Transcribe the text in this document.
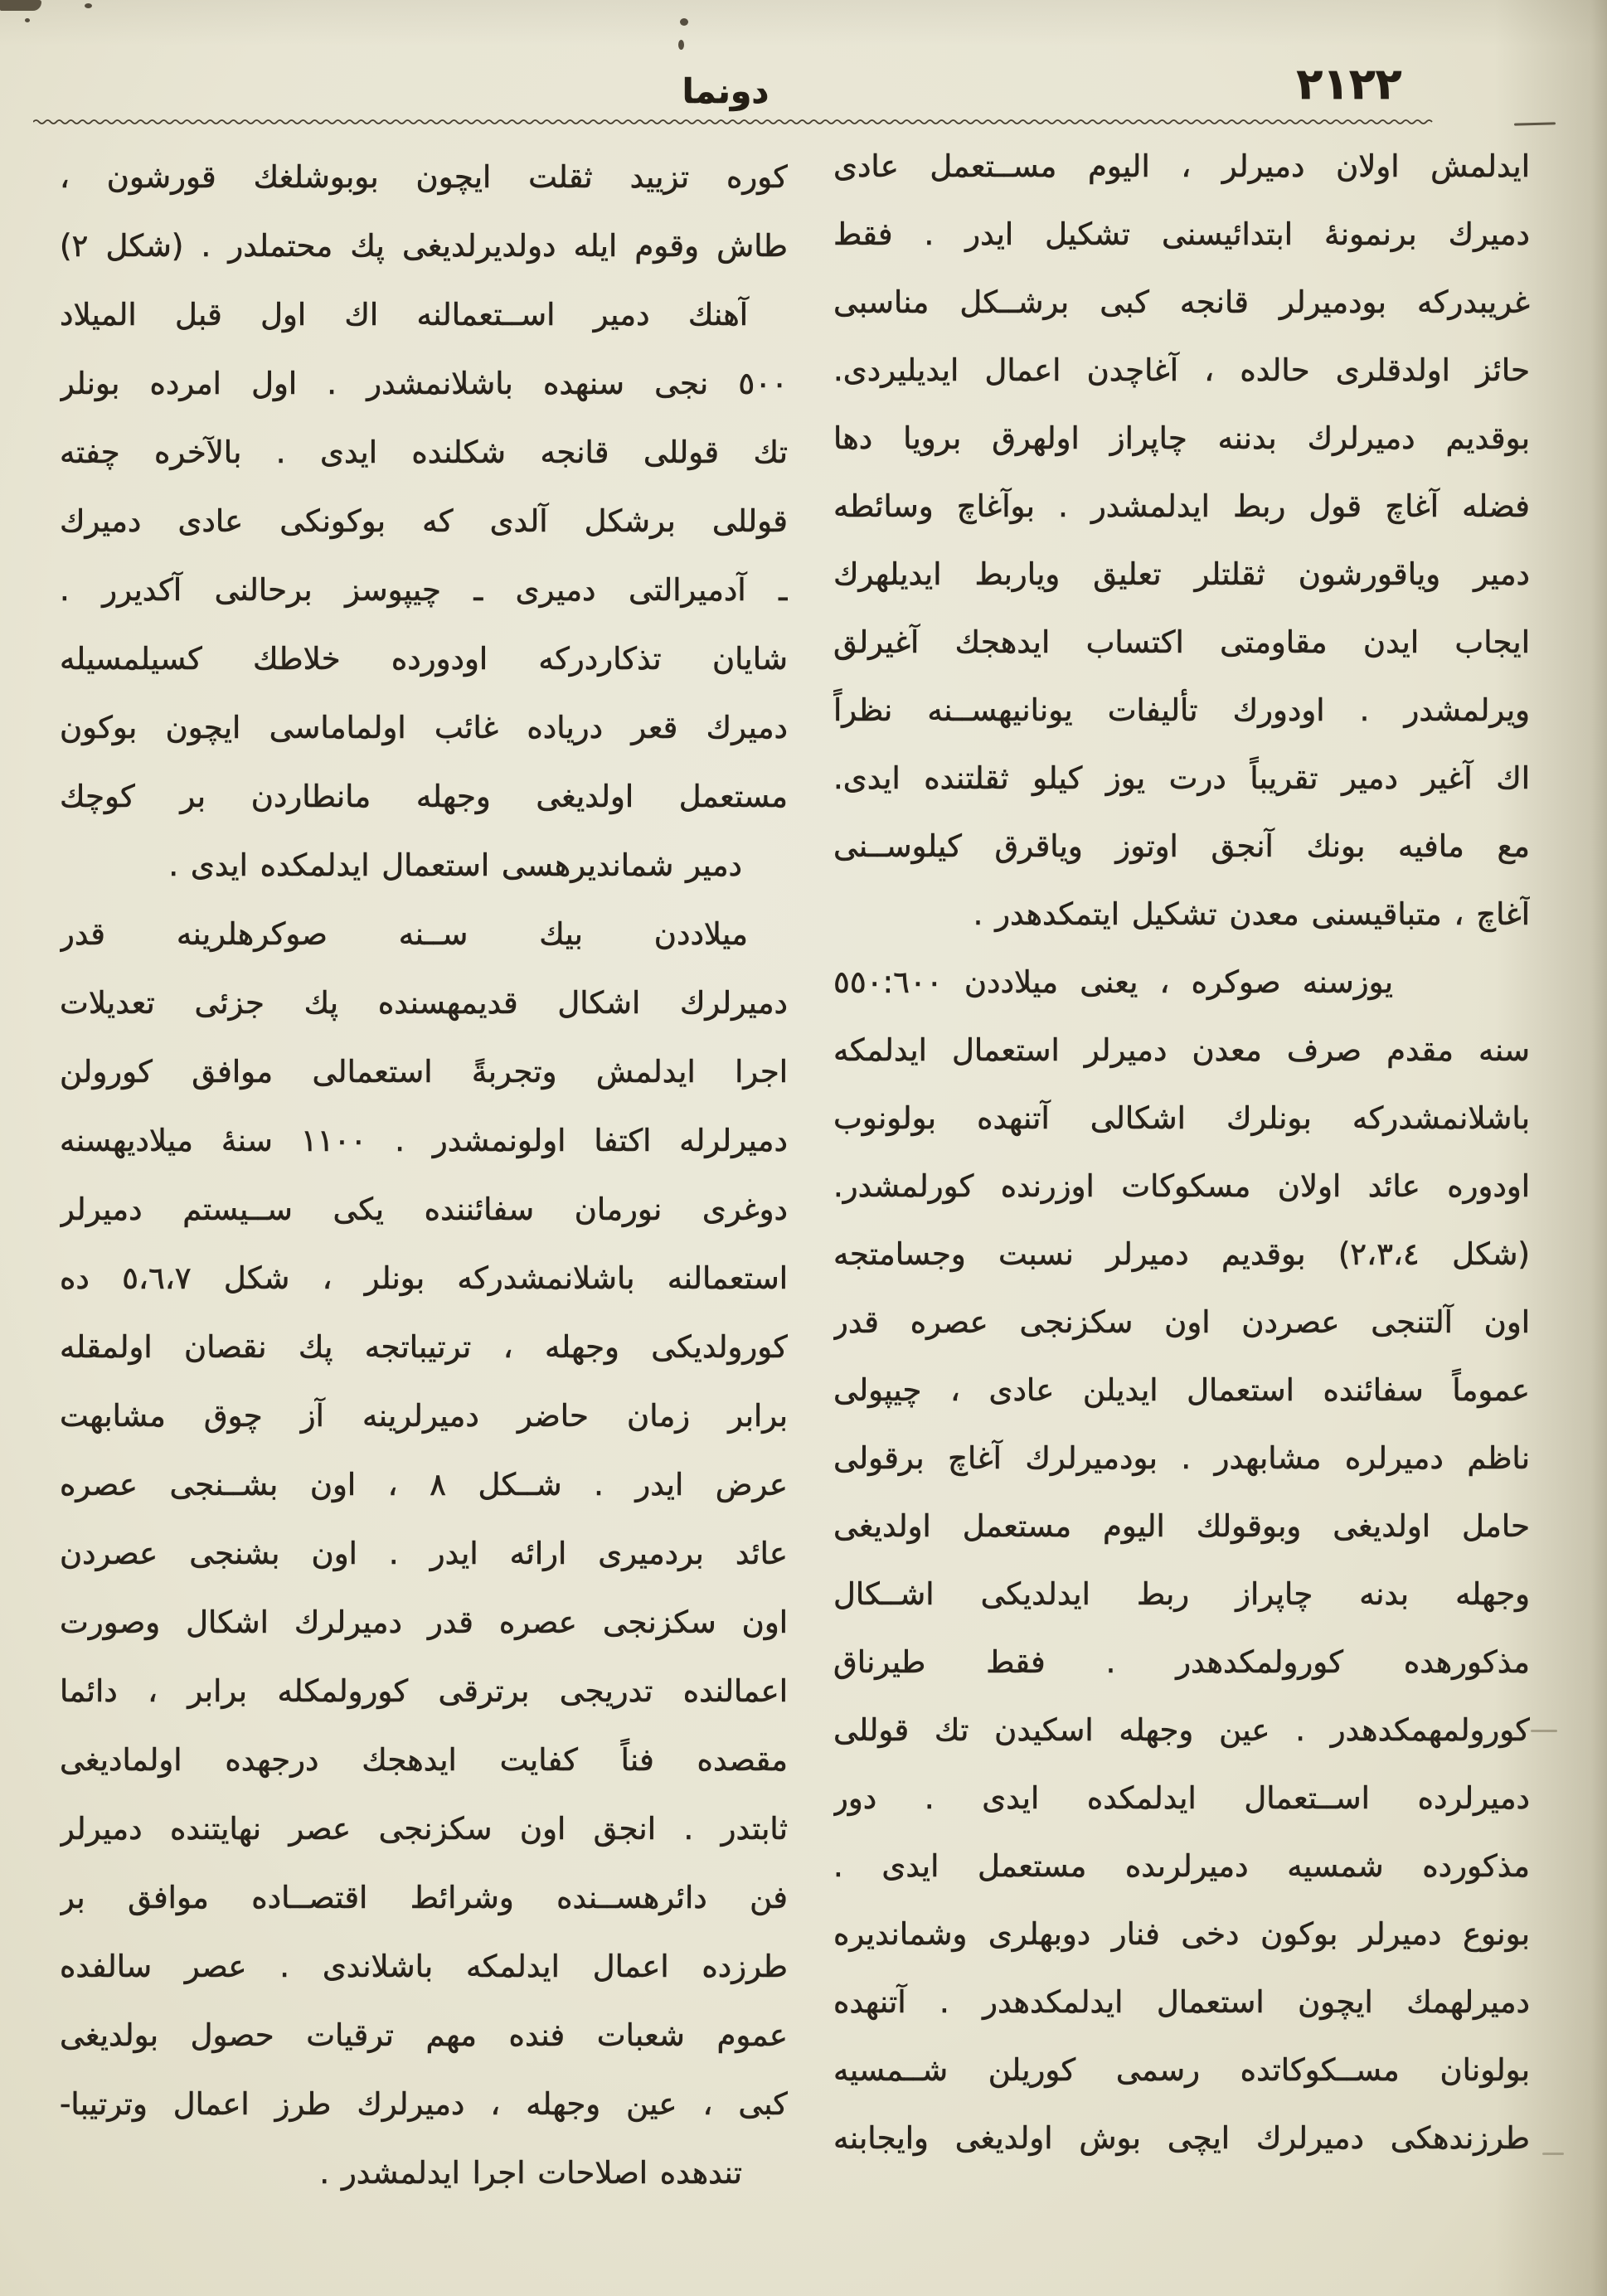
٢١٢٢
دونما
ايدلمش اولان دميرلر ، اليوم مســتعمل عادى
دميرك برنمونهٔ ابتدائيسنى تشكيل ايدر . فقط
غريبدركه بودميرلر قانجه كبى برشــكل مناسبى
حائز اولدقلرى حالده ، آغاچدن اعمال ايديليردى.
بوقديم دميرلرك بدننه چاپراز اولهرق برويا دها
فضله آغاچ قول ربط ايدلمشدر . بوآغاچ وسائطه
دمير وياقورشون ثقلتلر تعليق وياربط ايديلهرك
ايجاب ايدن مقاومتى اكتساب ايدهجك آغيرلق
ويرلمشدر . اودورك تأليفات يونانيهســنه نظراً
اك آغير دمير تقريباً درت يوز كيلو ثقلتنده ايدى.
مع مافيه بونك آنجق اوتوز وياقرق كيلوســنى
آغاچ ، متباقيسنى معدن تشكيل ايتمكدهدر .
يوزسنه صوكره ، يعنى ميلاددن ٥٥٠:٦٠٠
سنه مقدم صرف معدن دميرلر استعمال ايدلمكه
باشلانمشدركه بونلرك اشكالى آتنهده بولونوب
اودوره عائد اولان مسكوكات اوزرنده كورلمشدر.
(شكل ٢،٣،٤) بوقديم دميرلر نسبت وجسامتجه
اون آلتنجى عصردن اون سكزنجى عصره قدر
عموماً سفائنده استعمال ايديلن عادى ، چيپولى
ناظم دميرلره مشابهدر . بودميرلرك آغاچ برقولى
حامل اولديغى وبوقولك اليوم مستعمل اولديغى
وجهله بدنه چاپراز ربط ايدلديكى اشــكال
مذكورهده كورولمكدهدر . فقط طيرناق
كورولمهمكدهدر . عين وجهله اسكيدن تك قوللى
دميرلرده اســتعمال ايدلمكده ايدى . دور
مذكورده شمسيه دميرلرىده مستعمل ايدى .
بونوع دميرلر بوكون دخى فنار دوبهلرى وشمانديره
دميرلهمك ايچون استعمال ايدلمكدهدر . آتنهده
بولونان مســكوكاتده رسمى كوريلن شــمسيه
طرزندهكى دميرلرك ايچى بوش اولديغى وايجابنه
كوره تزييد ثقلت ايچون بوبوشلغك قورشون ،
طاش وقوم ايله دولديرلديغى پك محتملدر . (شكل ٢)
آهنك دمير اســتعمالنه اك اول قبل الميلاد
٥٠٠ نجى سنهده باشلانمشدر . اول امرده بونلر
تك قوللى قانجه شكلنده ايدى . بالآخره چفته
قوللى برشكل آلدى كه بوكونكى عادى دميرك
ـ آدميرالتى دميرى ـ چيپوسز برحالنى آكديرر .
شايان تذكاردركه اودورده خلاطك كسيلمسيله
دميرك قعر درياده غائب اولماماسى ايچون بوكون
مستعمل اولديغى وجهله مانطاردن بر كوچك
دمير شمانديرهسى استعمال ايدلمكده ايدى .
ميلاددن بيك ســنه صوكرهلرينه قدر
دميرلرك اشكال قديمهسنده پك جزئى تعديلات
اجرا ايدلمش وتجربةً استعمالى موافق كورولن
دميرلرله اكتفا اولونمشدر . ١١٠٠ سنهٔ ميلاديهسنه
دوغرى نورمان سفائننده يكى ســيستم دميرلر
استعمالنه باشلانمشدركه بونلر ، شكل ٥،٦،٧ ده
كورولديكى وجهله ، ترتيباتجه پك نقصان اولمقله
برابر زمان حاضر دميرلرينه آز چوق مشابهت
عرض ايدر . شــكل ٨ ، اون بشــنجى عصره
عائد بردميرى ارائه ايدر . اون بشنجى عصردن
اون سكزنجى عصره قدر دميرلرك اشكال وصورت
اعمالنده تدريجى برترقى كورولمكله برابر ، دائما
مقصده فناً كفايت ايدهجك درجهده اولماديغى
ثابتدر . انجق اون سكزنجى عصر نهايتنده دميرلر
فن دائرهســنده وشرائط اقتصــاده موافق بر
طرزده اعمال ايدلمكه باشلاندى . عصر سالفده
عموم شعبات فنده مهم ترقيات حصول بولديغى
كبى ، عين وجهله ، دميرلرك طرز اعمال وترتيبا-
تندهده اصلاحات اجرا ايدلمشدر .
